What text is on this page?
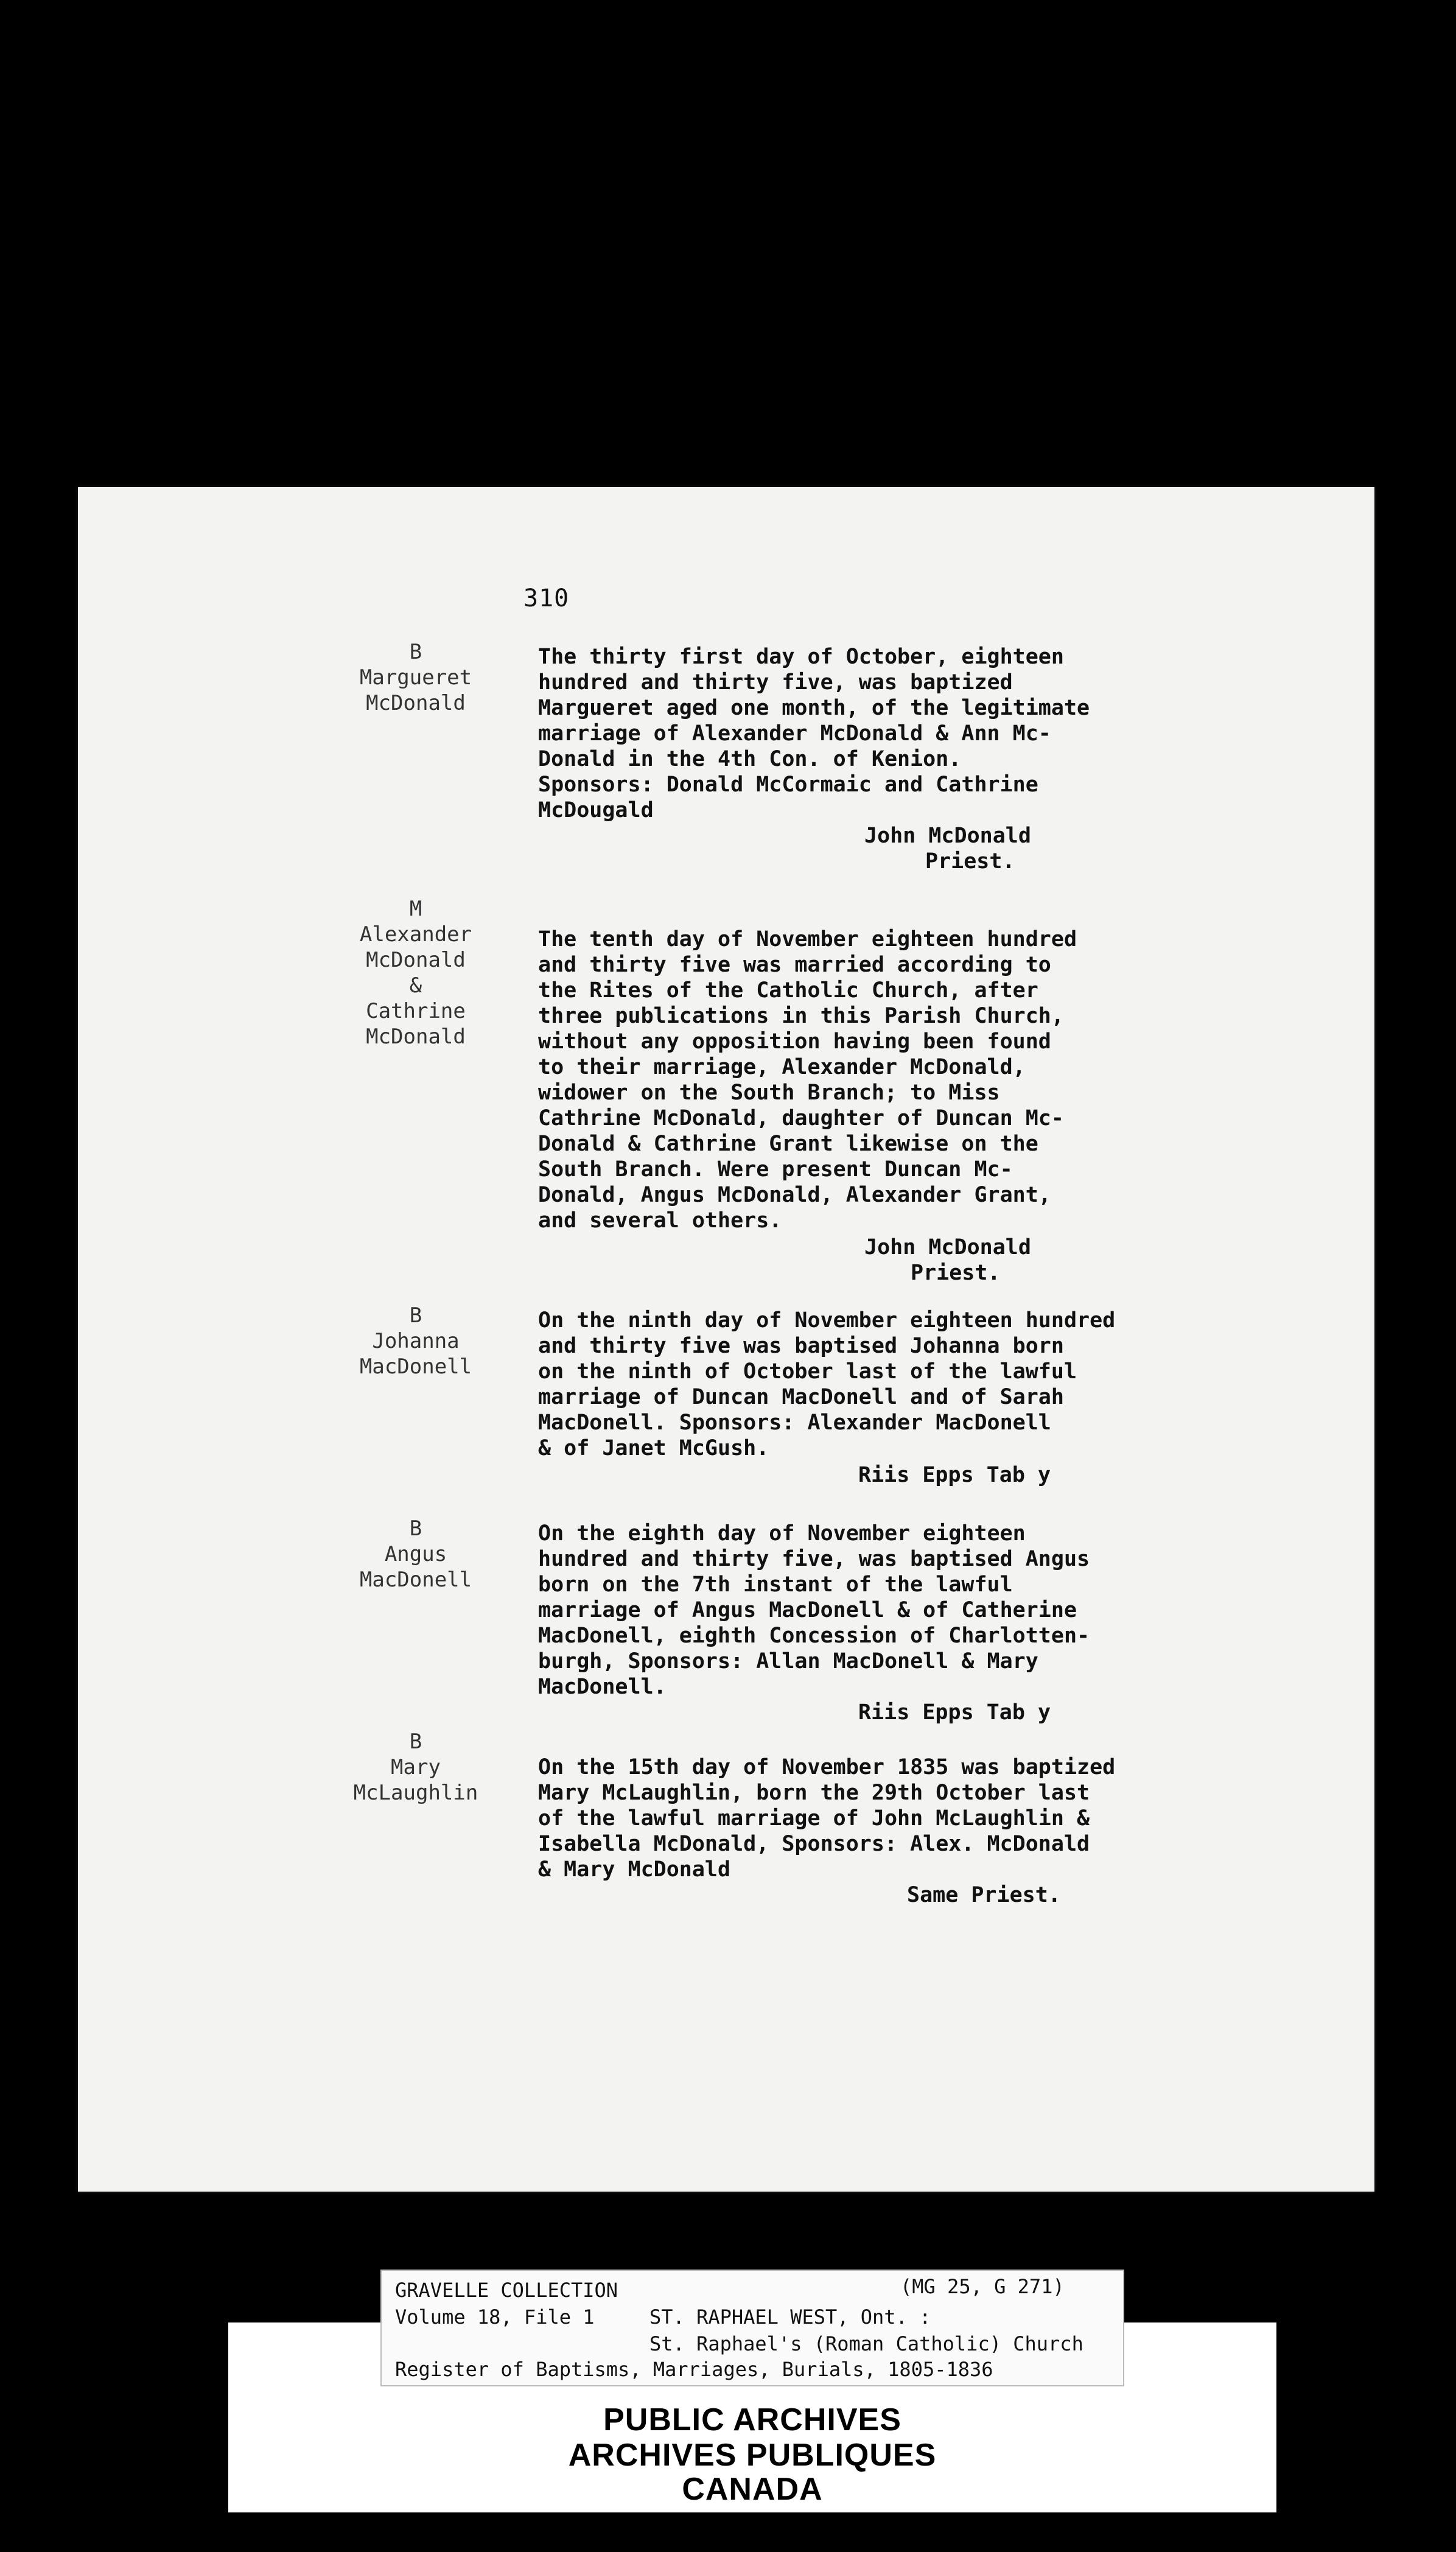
310
B
Margueret
McDonald
The thirty first day of October, eighteen
hundred and thirty five, was baptized
Margueret aged one month, of the legitimate
marriage of Alexander McDonald & Ann Mc-
Donald in the 4th Con. of Kenion.
Sponsors: Donald McCormaic and Cathrine
McDougald
John McDonald
Priest.
M
Alexander
McDonald
&
Cathrine
McDonald
The tenth day of November eighteen hundred
and thirty five was married according to
the Rites of the Catholic Church, after
three publications in this Parish Church,
without any opposition having been found
to their marriage, Alexander McDonald,
widower on the South Branch; to Miss
Cathrine McDonald, daughter of Duncan Mc-
Donald & Cathrine Grant likewise on the
South Branch. Were present Duncan Mc-
Donald, Angus McDonald, Alexander Grant,
and several others.
John McDonald
Priest.
B
Johanna
MacDonell
On the ninth day of November eighteen hundred
and thirty five was baptised Johanna born
on the ninth of October last of the lawful
marriage of Duncan MacDonell and of Sarah
MacDonell. Sponsors: Alexander MacDonell
& of Janet McGush.
Riis Epps Tab y
B
Angus
MacDonell
On the eighth day of November eighteen
hundred and thirty five, was baptised Angus
born on the 7th instant of the lawful
marriage of Angus MacDonell & of Catherine
MacDonell, eighth Concession of Charlotten-
burgh, Sponsors: Allan MacDonell & Mary
MacDonell.
Riis Epps Tab y
B
Mary
McLaughlin

On the 15th day of November 1835 was baptized
Mary McLaughlin, born the 29th October last
of the lawful marriage of John McLaughlin &
Isabella McDonald, Sponsors: Alex. McDonald
& Mary McDonald
Same Priest.
GRAVELLE COLLECTION	(MG 25, G 271)
Volume 18, File 1	ST. RAPHAEL WEST, Ont. :
St. Raphael's (Roman Catholic) Church
Register of Baptisms, Marriages, Burials, 1805-1836
PUBLIC ARCHIVES
ARCHIVES PUBLIQUES
CANADA
